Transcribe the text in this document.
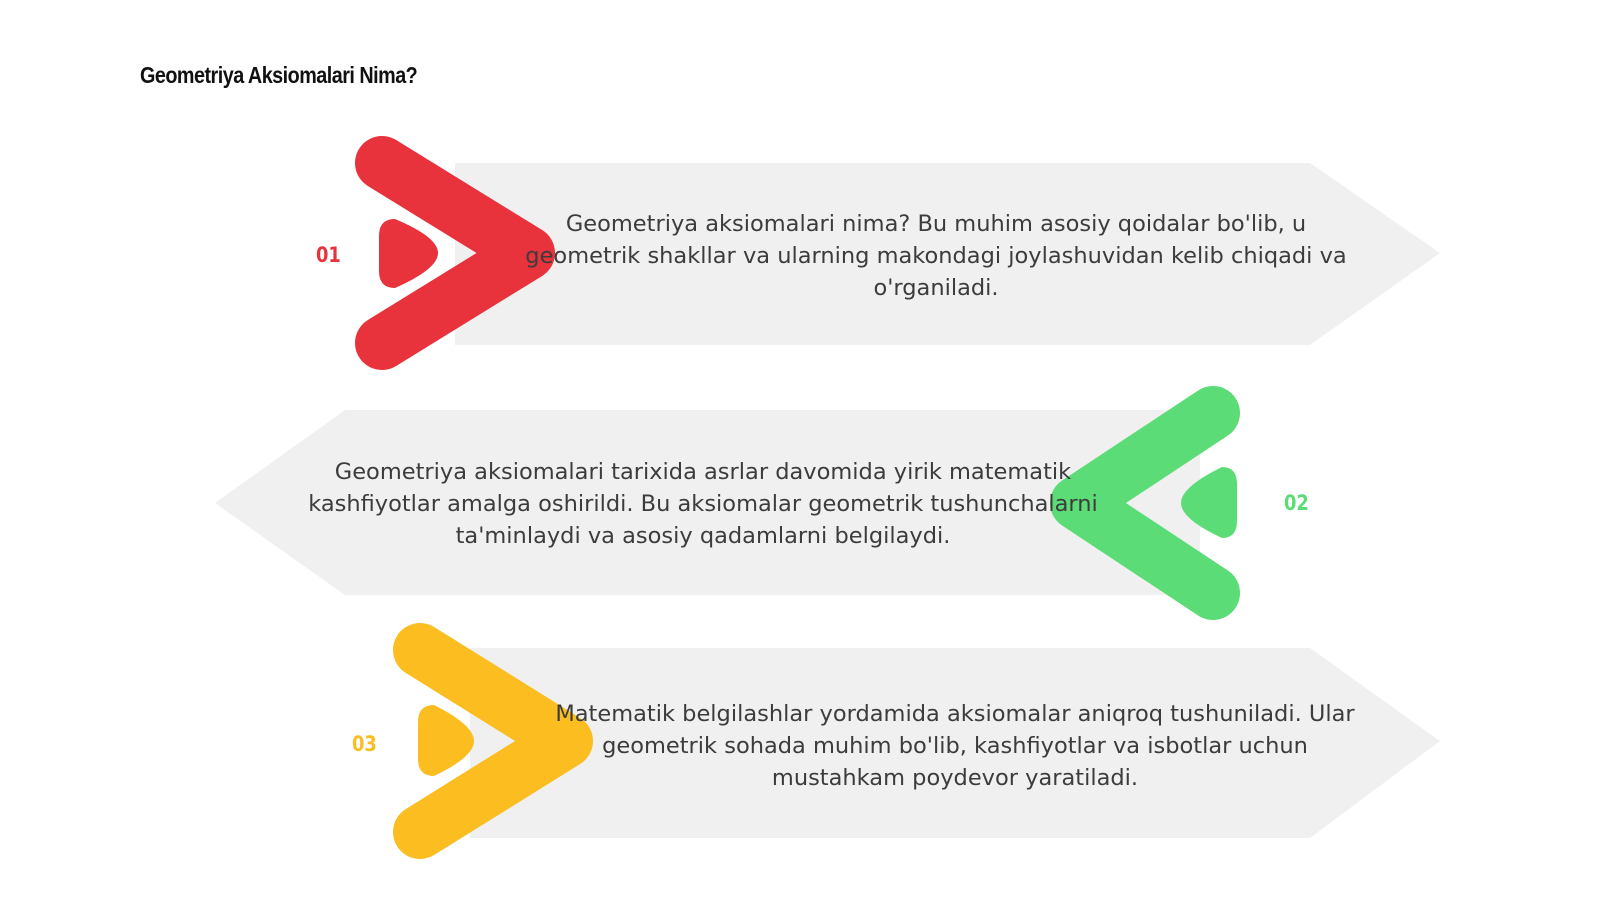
Geometriya Aksiomalari Nima?

01

Geometriya aksiomalari nima? Bu muhim asosiy qoidalar bo'lib, u geometrik shakllar va ularning makondagi joylashuvidan kelib chiqadi va o'rganiladi.

02

Geometriya aksiomalari tarixida asrlar davomida yirik matematik kashfiyotlar amalga oshirildi. Bu aksiomalar geometrik tushunchalarni ta'minlaydi va asosiy qadamlarni belgilaydi.

03

Matematik belgilashlar yordamida aksiomalar aniqroq tushuniladi. Ular geometrik sohada muhim bo'lib, kashfiyotlar va isbotlar uchun mustahkam poydevor yaratiladi.
